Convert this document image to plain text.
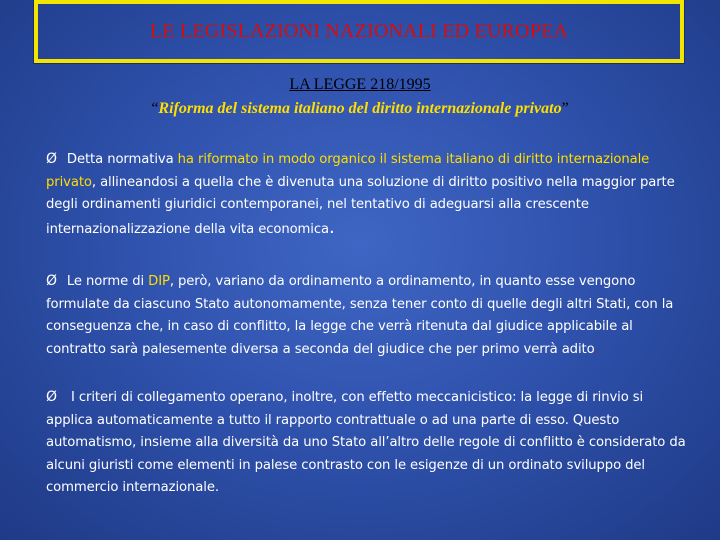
LE LEGISLAZIONI NAZIONALI ED EUROPEA
LA LEGGE 218/1995
“Riforma del sistema italiano del diritto internazionale privato”
Ø Detta normativa ha riformato in modo organico il sistema italiano di diritto internazionale privato, allineandosi a quella che è divenuta una soluzione di diritto positivo nella maggior parte degli ordinamenti giuridici contemporanei, nel tentativo di adeguarsi alla crescente internazionalizzazione della vita economica.
Ø Le norme di DIP, però, variano da ordinamento a ordinamento, in quanto esse vengono formulate da ciascuno Stato autonomamente, senza tener conto di quelle degli altri Stati, con la conseguenza che, in caso di conflitto, la legge che verrà ritenuta dal giudice applicabile al contratto sarà palesemente diversa a seconda del giudice che per primo verrà adito.
Ø I criteri di collegamento operano, inoltre, con effetto meccanicistico: la legge di rinvio si applica automaticamente a tutto il rapporto contrattuale o ad una parte di esso. Questo automatismo, insieme alla diversità da uno Stato all’altro delle regole di conflitto è considerato da alcuni giuristi come elementi in palese contrasto con le esigenze di un ordinato sviluppo del commercio internazionale.
